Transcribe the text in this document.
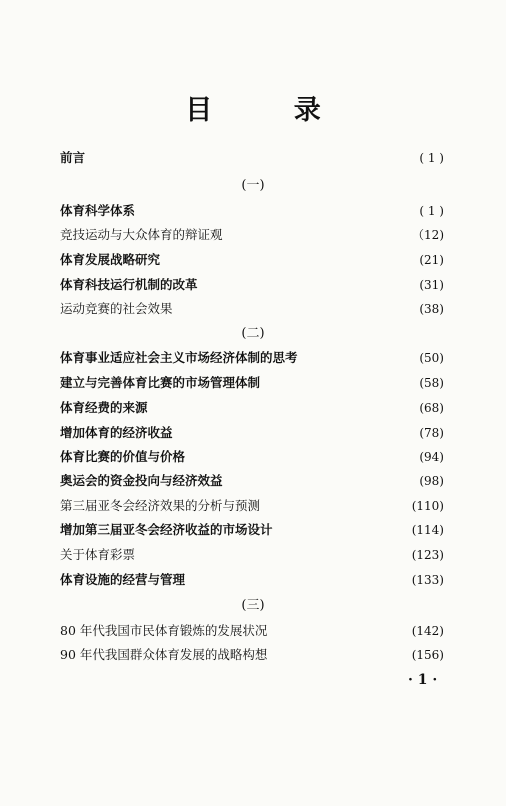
目 录
前言	( 1 )
(一)
体育科学体系	( 1 )
竞技运动与大众体育的辩证观	（12)
体育发展战略研究	(21)
体育科技运行机制的改革	(31)
运动竞赛的社会效果	(38)
(二)
体育事业适应社会主义市场经济体制的思考	(50)
建立与完善体育比赛的市场管理体制	(58)
体育经费的来源	(68)
增加体育的经济收益	(78)
体育比赛的价值与价格	(94)
奥运会的资金投向与经济效益	(98)
第三届亚冬会经济效果的分析与预测	(110)
增加第三届亚冬会经济收益的市场设计	(114)
关于体育彩票	(123)
体育设施的经营与管理	(133)
(三)
80 年代我国市民体育锻炼的发展状况	(142)
90 年代我国群众体育发展的战略构想	(156)
· 1 ·
